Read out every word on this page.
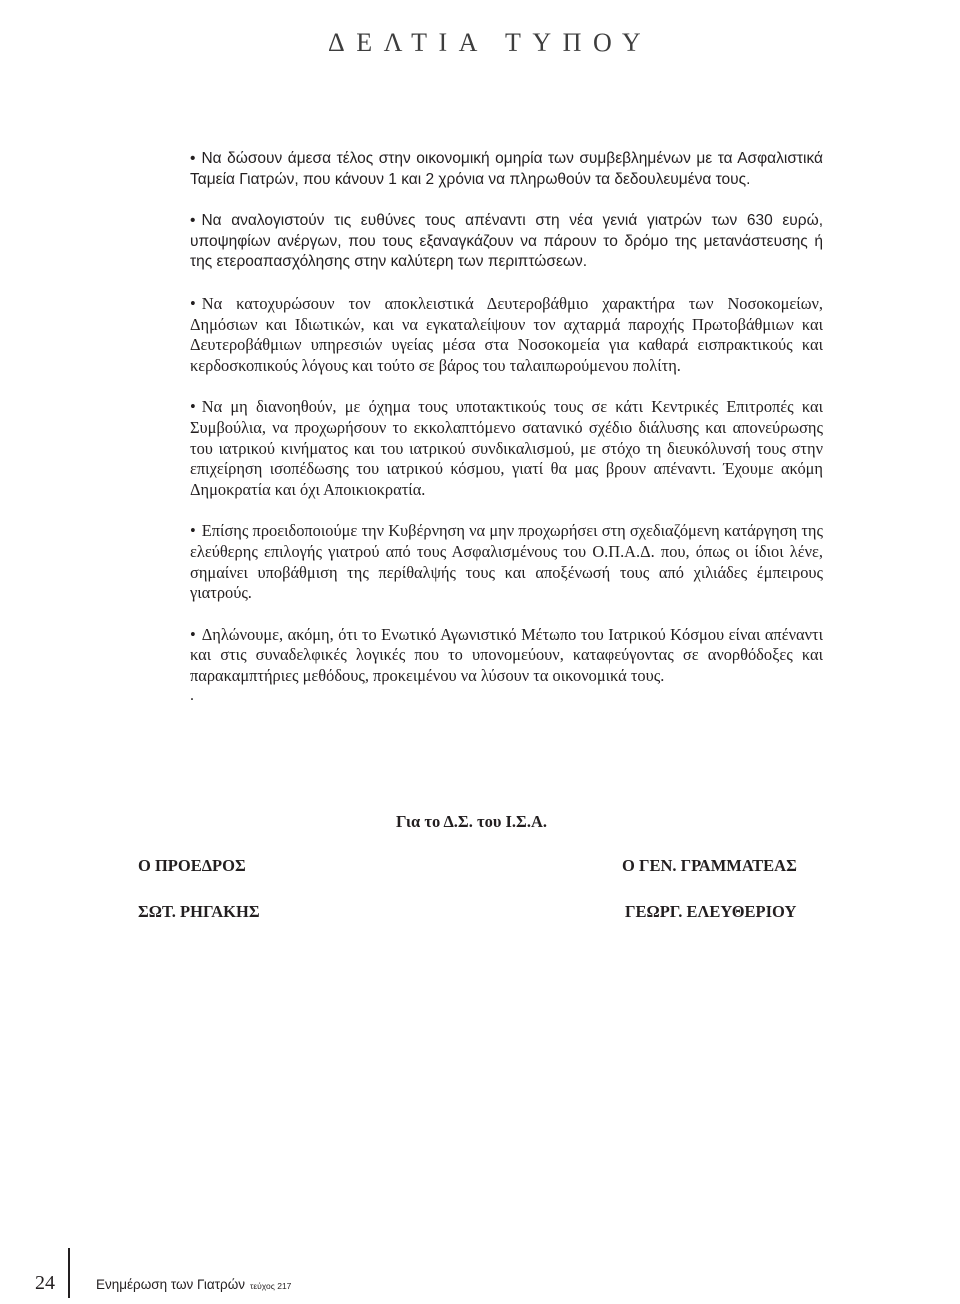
ΔΕΛΤΙΑ ΤΥΠΟΥ

• Να δώσουν άμεσα τέλος στην οικονομική ομηρία των συμβεβλημένων με τα Ασφαλιστικά Ταμεία Γιατρών, που κάνουν 1 και 2 χρόνια να πληρωθούν τα δεδουλευμένα τους.

• Να αναλογιστούν τις ευθύνες τους απέναντι στη νέα γενιά γιατρών των 630 ευρώ, υποψηφίων ανέργων, που τους εξαναγκάζουν να πάρουν το δρόμο της μετανάστευσης ή της ετεροαπασχόλησης στην καλύτερη των περιπτώσεων.

• Να κατοχυρώσουν τον αποκλειστικά Δευτεροβάθμιο χαρακτήρα των Νοσοκομείων, Δημόσιων και Ιδιωτικών, και να εγκαταλείψουν τον αχταρμά παροχής Πρωτοβάθμιων και Δευτεροβάθμιων υπηρεσιών υγείας μέσα στα Νοσοκομεία για καθαρά εισπρακτικούς και κερδοσκοπικούς λόγους και τούτο σε βάρος του ταλαιπωρούμενου πολίτη.

• Να μη διανοηθούν, με όχημα τους υποτακτικούς τους σε κάτι Κεντρικές Επιτροπές και Συμβούλια, να προχωρήσουν το εκκολαπτόμενο σατανικό σχέδιο διάλυσης και απονεύρωσης του ιατρικού κινήματος και του ιατρικού συνδικαλισμού, με στόχο τη διευκόλυνσή τους στην επιχείρηση ισοπέδωσης του ιατρικού κόσμου, γιατί θα μας βρουν απέναντι. Έχουμε ακόμη Δημοκρατία και όχι Αποικιοκρατία.

• Επίσης προειδοποιούμε την Κυβέρνηση να μην προχωρήσει στη σχεδιαζόμενη κατάργηση της ελεύθερης επιλογής γιατρού από τους Ασφαλισμένους του Ο.Π.Α.Δ. που, όπως οι ίδιοι λένε, σημαίνει υποβάθμιση της περίθαλψής τους και αποξένωσή τους από χιλιάδες έμπειρους γιατρούς.

• Δηλώνουμε, ακόμη, ότι το Ενωτικό Αγωνιστικό Μέτωπο του Ιατρικού Κόσμου είναι απέναντι και στις συναδελφικές λογικές που το υπονομεύουν, καταφεύγοντας σε ανορθόδοξες και παρακαμπτήριες μεθόδους, προκειμένου να λύσουν τα οικονομικά τους.

.

Για το Δ.Σ. του Ι.Σ.Α.
Ο ΠΡΟΕΔΡΟΣ
ΣΩΤ. ΡΗΓΑΚΗΣ
Ο ΓΕΝ. ΓΡΑΜΜΑΤΕΑΣ
ΓΕΩΡΓ. ΕΛΕΥΘΕΡΙΟΥ
24	Ενημέρωση των Γιατρών τεύχος 217
